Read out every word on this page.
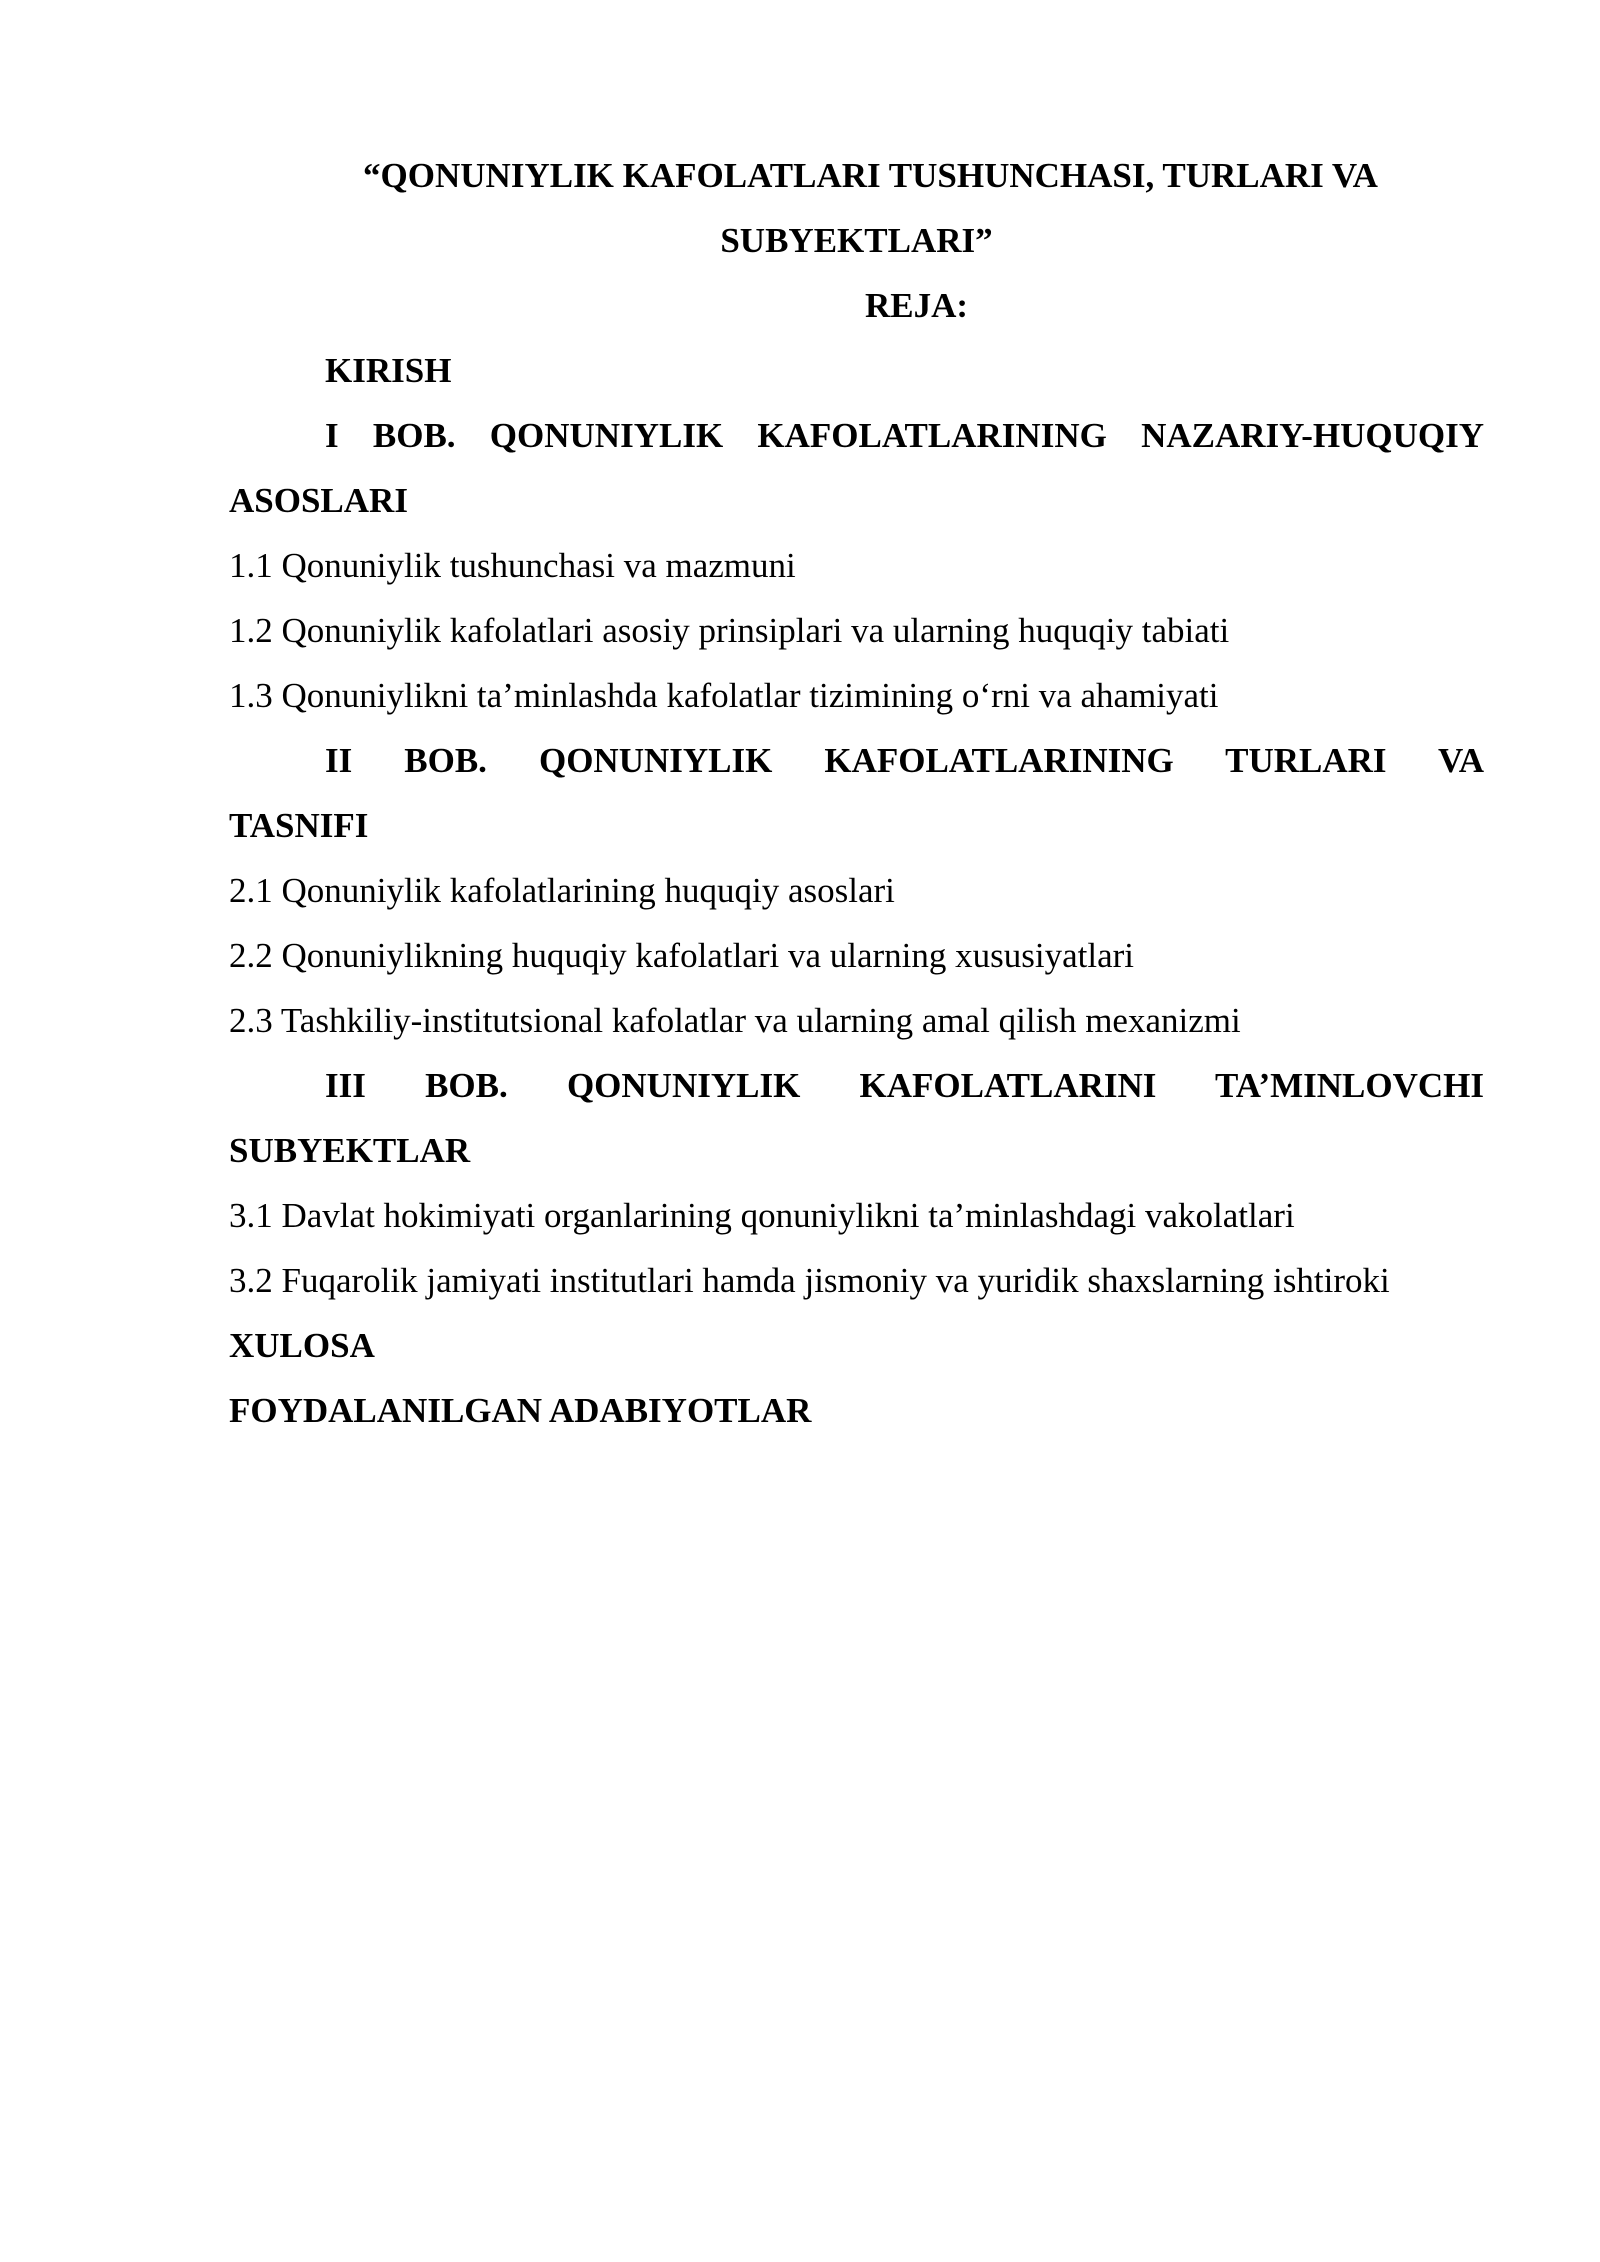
“QONUNIYLIK KAFOLATLARI TUSHUNCHASI, TURLARI VA
SUBYEKTLARI”
REJA:
KIRISH
I BOB. QONUNIYLIK KAFOLATLARINING NAZARIY-HUQUQIY
ASOSLARI
1.1 Qonuniylik tushunchasi va mazmuni
1.2 Qonuniylik kafolatlari asosiy prinsiplari va ularning huquqiy tabiati
1.3 Qonuniylikni ta’minlashda kafolatlar tizimining o‘rni va ahamiyati
II BOB. QONUNIYLIK KAFOLATLARINING TURLARI VA
TASNIFI
2.1 Qonuniylik kafolatlarining huquqiy asoslari
2.2 Qonuniylikning huquqiy kafolatlari va ularning xususiyatlari
2.3 Tashkiliy-institutsional kafolatlar va ularning amal qilish mexanizmi
III BOB. QONUNIYLIK KAFOLATLARINI TA’MINLOVCHI
SUBYEKTLAR
3.1 Davlat hokimiyati organlarining qonuniylikni ta’minlashdagi vakolatlari
3.2 Fuqarolik jamiyati institutlari hamda jismoniy va yuridik shaxslarning ishtiroki
XULOSA
FOYDALANILGAN ADABIYOTLAR
